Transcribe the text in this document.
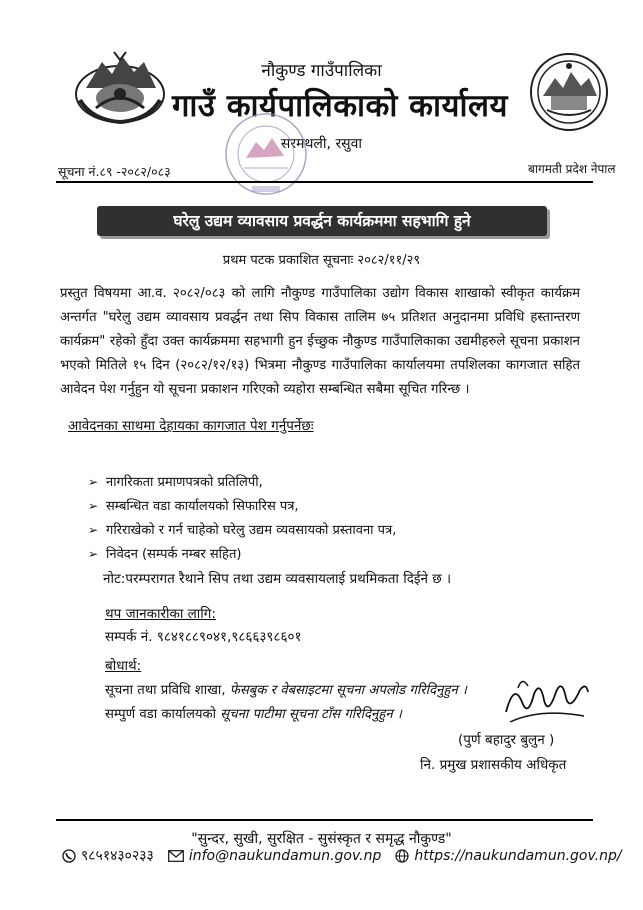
नौकुण्ड गाउँपालिका
गाउँ कार्यपालिकाको कार्यालय
सरमथली, रसुवा
सूचना नं.८९ -२०८२/०८३	बागमती प्रदेश नेपाल
घरेलु उद्यम व्यावसाय प्रवर्द्धन कार्यक्रममा सहभागि हुने
प्रथम पटक प्रकाशित सूचनाः २०८२/११/२९
प्रस्तुत विषयमा आ.व. २०८२/०८३ को लागि नौकुण्ड गाउँपालिका उद्योग विकास शाखाको स्वीकृत कार्यक्रम अन्तर्गत "घरेलु उद्यम व्यावसाय प्रवर्द्धन तथा सिप विकास तालिम ७५ प्रतिशत अनुदानमा प्रविधि हस्तान्तरण कार्यक्रम" रहेको हुँदा उक्त कार्यक्रममा सहभागी हुन ईच्छुक नौकुण्ड गाउँपालिकाका उद्यमीहरुले सूचना प्रकाशन भएको मितिले १५ दिन (२०८२/१२/१३) भित्रमा नौकुण्ड गाउँपालिका कार्यालयमा तपशिलका कागजात सहित आवेदन पेश गर्नुहुन यो सूचना प्रकाशन गरिएको व्यहोरा सम्बन्धित सबैमा सूचित गरिन्छ ।
आवेदनका साथमा देहायका कागजात पेश गर्नुपर्नेछः
➢ नागरिकता प्रमाणपत्रको प्रतिलिपी,
➢ सम्बन्धित वडा कार्यालयको सिफारिस पत्र,
➢ गरिराखेको र गर्न चाहेको घरेलु उद्यम व्यवसायको प्रस्तावना पत्र,
➢ निवेदन (सम्पर्क नम्बर सहित)
नोट:परम्परागत रैथाने सिप तथा उद्यम व्यवसायलाई प्रथमिकता दिईने छ ।
थप जानकारीका लागि:
सम्पर्क नं. ९८४१८८९०४१,९८६६३९८६०१
बोधार्थ:
सूचना तथा प्रविधि शाखा, फेसबुक र वेबसाइटमा सूचना अपलोड गरिदिनुहुन ।
सम्पुर्ण वडा कार्यालयको सूचना पाटीमा सूचना टाँस गरिदिनुहुन ।
(पुर्ण बहादुर बुलुन )
नि. प्रमुख प्रशासकीय अधिकृत
"सुन्दर, सुखी, सुरक्षित - सुसंस्कृत र समृद्ध नौकुण्ड"
९८५१४३०२३३	info@naukundamun.gov.np https://naukundamun.gov.np/
